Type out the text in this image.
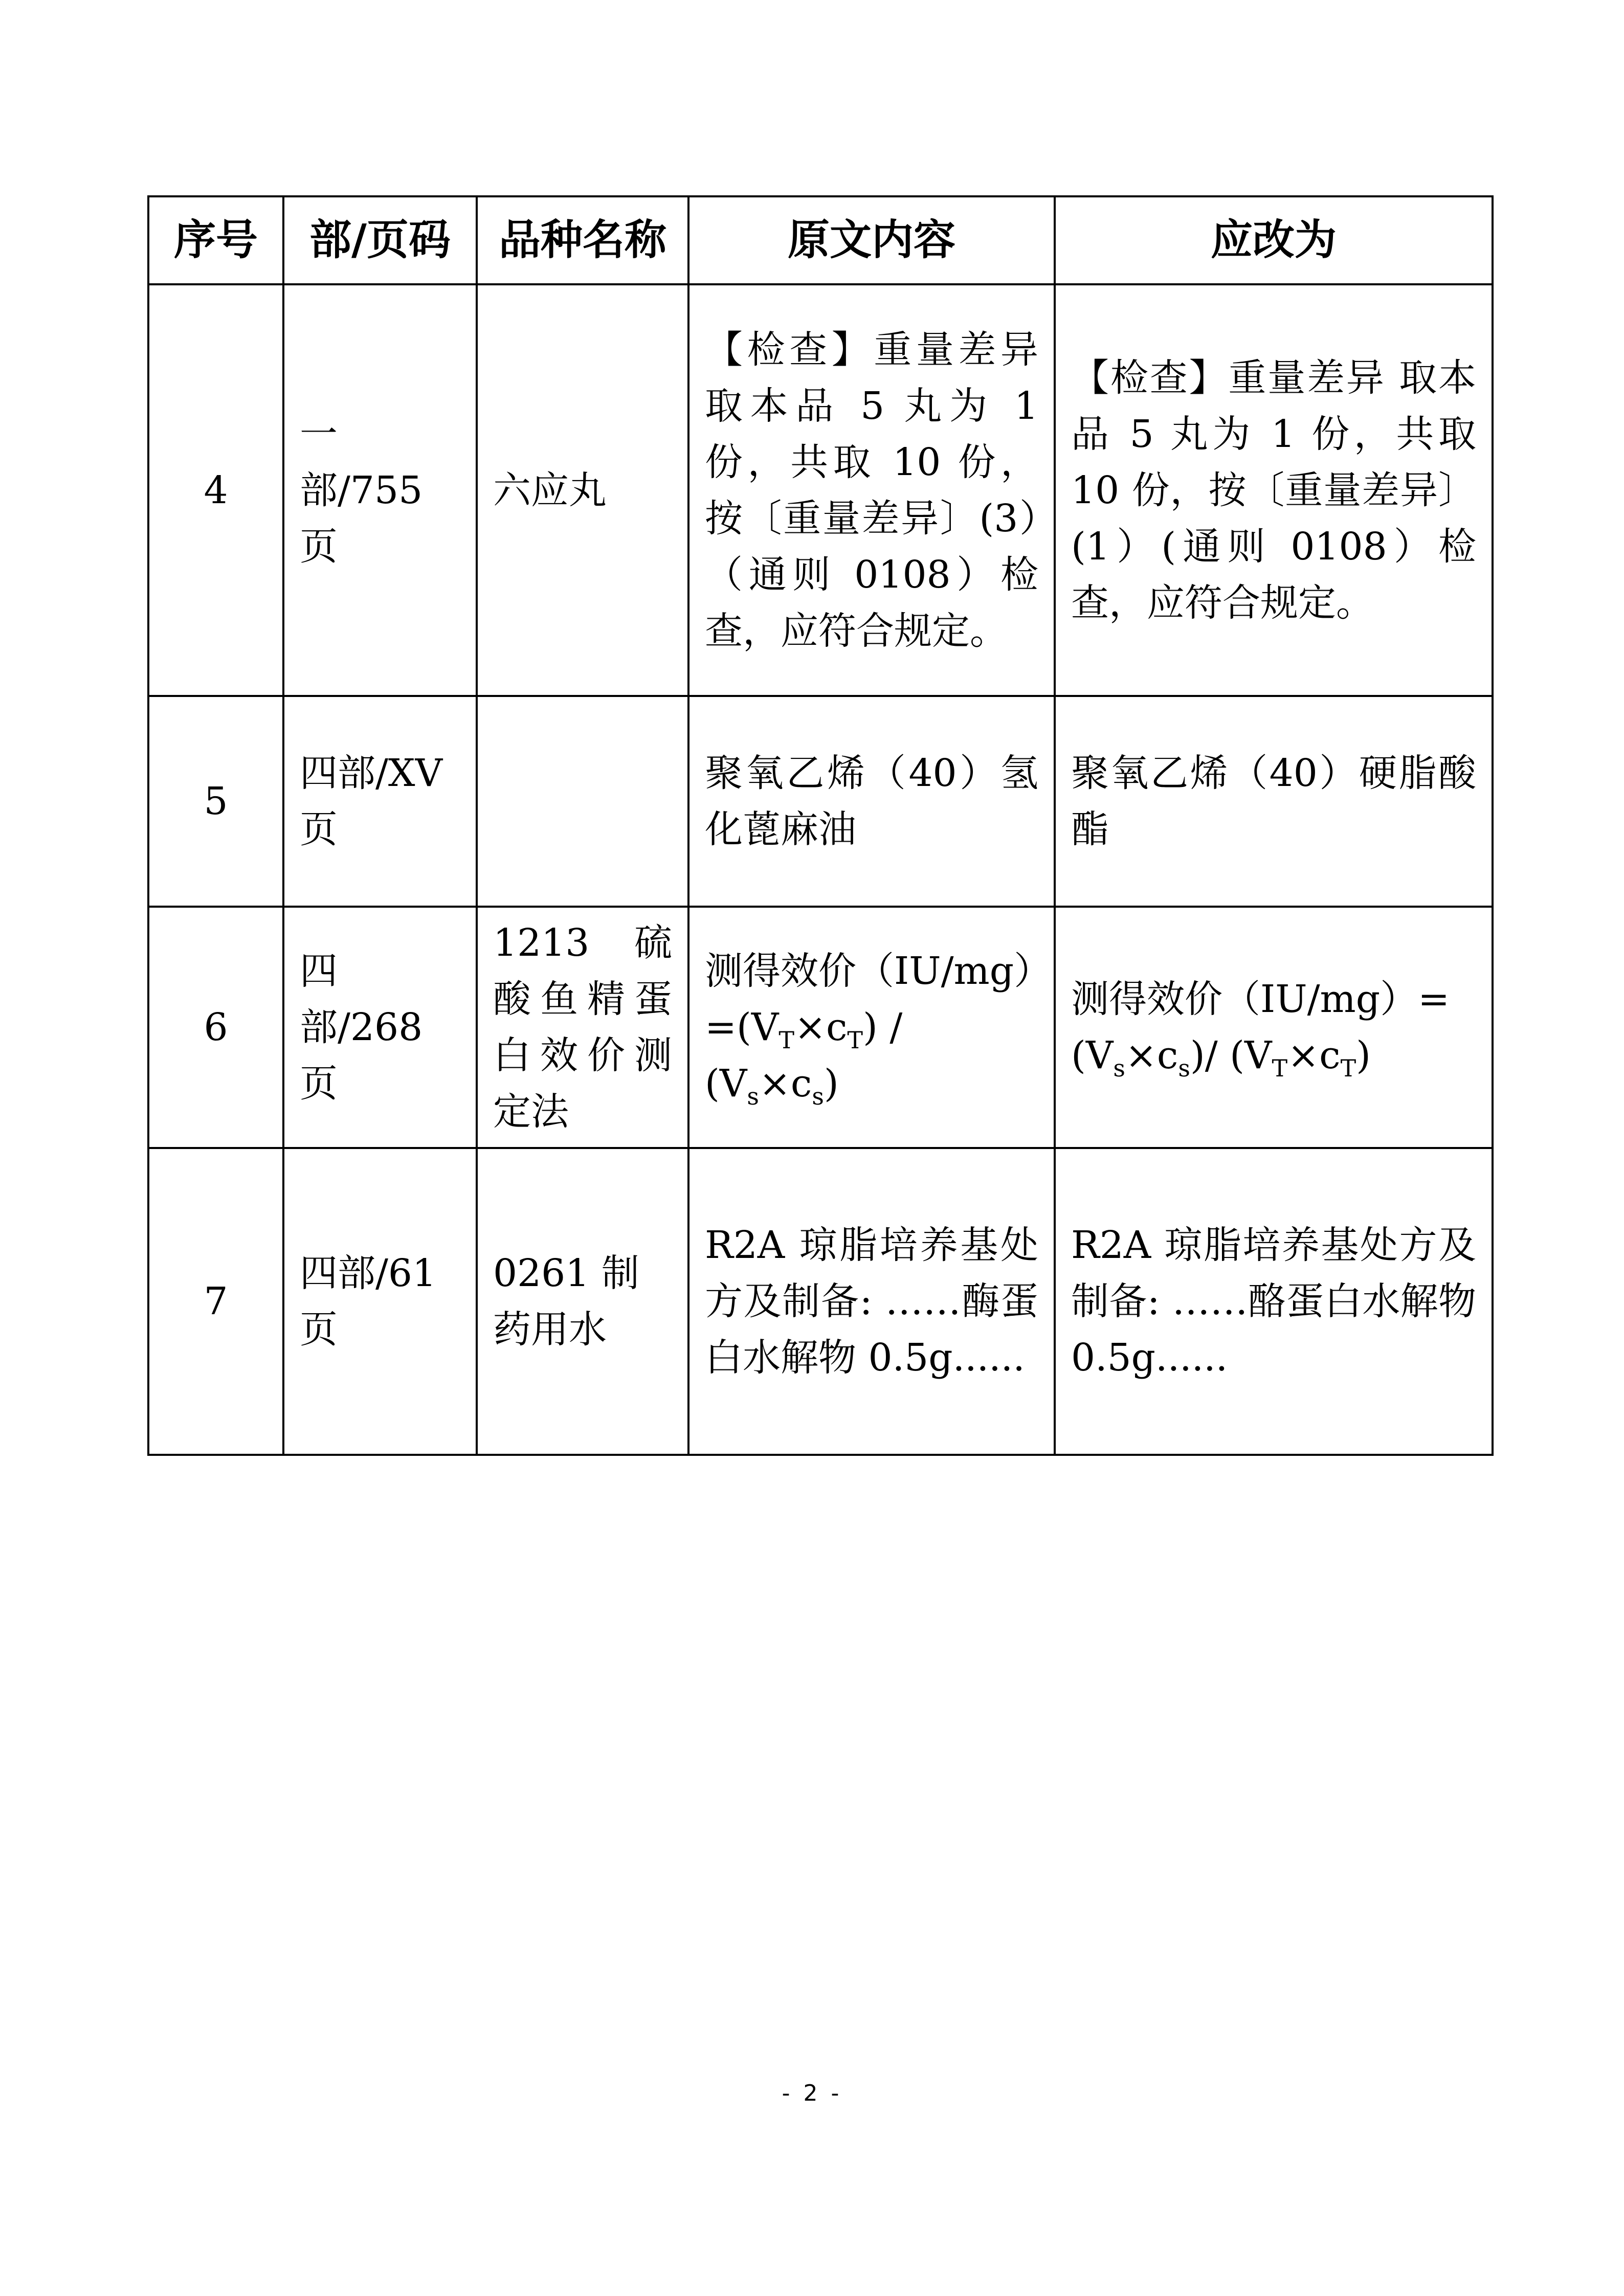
序号	部/页码	品种名称	原文内容	应改为
4	一部/755 页	六应丸	【检查】重量差异 取本品 5 丸为 1 份，共取 10 份，按〔重量差异〕(3）（通则 0108）检查，应符合规定。	【检查】重量差异 取本品 5 丸为 1 份，共取 10 份，按〔重量差异〕(1）(通则 0108）检查，应符合规定。
5	四部/XV 页		聚氧乙烯（40）氢化蓖麻油	聚氧乙烯（40）硬脂酸酯
6	四部/268 页	1213 硫酸鱼精蛋白效价测定法	测得效价$(IU/mg)=(V_T\times c_T) / (V_s\times c_s)$	测得效价$(IU/mg)=(V_s\times c_s)/$ $(V_T\times c_T)$
7	四部/61 页	0261 制药用水	R2A 琼脂培养基处方及制备: ……酶蛋白水解物 0.5g......	R2A 琼脂培养基处方及制备: ……酪蛋白水解物 0.5g......
- 2 -
